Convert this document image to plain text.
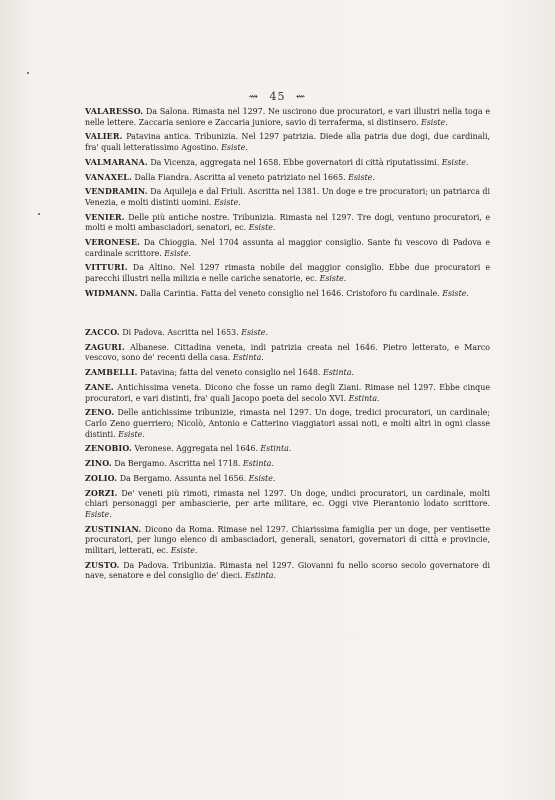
⇝ 45 ⇜
VALARESSO. Da Salona. Rimasta nel 1297. Ne uscirono due procuratori, e vari illustri nella toga e nelle lettere. Zaccaria seniore e Zaccaria juniore, savio di terraferma, si distinsero. Esiste.
VALIER. Patavina antica. Tribunizia. Nel 1297 patrizia. Diede alla patria due dogi, due cardinali, fra' quali letteratissimo Agostino. Esiste.
VALMARANA. Da Vicenza, aggregata nel 1658. Ebbe governatori di città riputatissimi. Esiste.
VANAXEL. Dalla Fiandra. Ascritta al veneto patriziato nel 1665. Esiste.
VENDRAMIN. Da Aquileja e dal Friuli. Ascritta nel 1381. Un doge e tre procuratori; un patriarca di Venezia, e molti distinti uomini. Esiste.
VENIER. Delle più antiche nostre. Tribunizia. Rimasta nel 1297. Tre dogi, ventuno procuratori, e molti e molti ambasciadori, senatori, ec. Esiste.
VERONESE. Da Chioggia. Nel 1704 assunta al maggior consiglio. Sante fu vescovo di Padova e cardinale scrittore. Esiste.
VITTURI. Da Altino. Nel 1297 rimasta nobile del maggior consiglio. Ebbe due procuratori e parecchi illustri nella milizia e nelle cariche senatorie, ec. Esiste.
WIDMANN. Dalla Carintia. Fatta del veneto consiglio nel 1646. Cristoforo fu cardinale. Esiste.
ZACCO. Di Padova. Ascritta nel 1653. Esiste.
ZAGURI. Albanese. Cittadina veneta, indi patrizia creata nel 1646. Pietro letterato, e Marco vescovo, sono de' recenti della casa. Estinta.
ZAMBELLI. Patavina; fatta del veneto consiglio nel 1648. Estinta.
ZANE. Antichissima veneta. Dicono che fosse un ramo degli Ziani. Rimase nel 1297. Ebbe cinque procuratori, e vari distinti, fra' quali Jacopo poeta del secolo XVI. Estinta.
ZENO. Delle antichissime tribunizie, rimasta nel 1297. Un doge, tredici procuratori, un cardinale; Carlo Zeno guerriero; Nicolò, Antonio e Catterino viaggiatori assai noti, e molti altri in ogni classe distinti. Esiste.
ZENOBIO. Veronese. Aggregata nel 1646. Estinta.
ZINO. Da Bergamo. Ascritta nel 1718. Estinta.
ZOLIO. Da Bergamo. Assunta nel 1656. Esiste.
ZORZI. De' veneti più rimoti, rimasta nel 1297. Un doge, undici procuratori, un cardinale, molti chiari personaggi per ambascierie, per arte militare, ec. Oggi vive Pierantonio lodato scrittore. Esiste.
ZUSTINIAN. Dicono da Roma. Rimase nel 1297. Chiarissima famiglia per un doge, per ventisette procuratori, per lungo elenco di ambasciadori, generali, senatori, governatori di città e provincie, militari, letterati, ec. Esiste.
ZUSTO. Da Padova. Tribunizia. Rimasta nel 1297. Giovanni fu nello scorso secolo governatore di nave, senatore e del consiglio de' dieci. Estinta.
